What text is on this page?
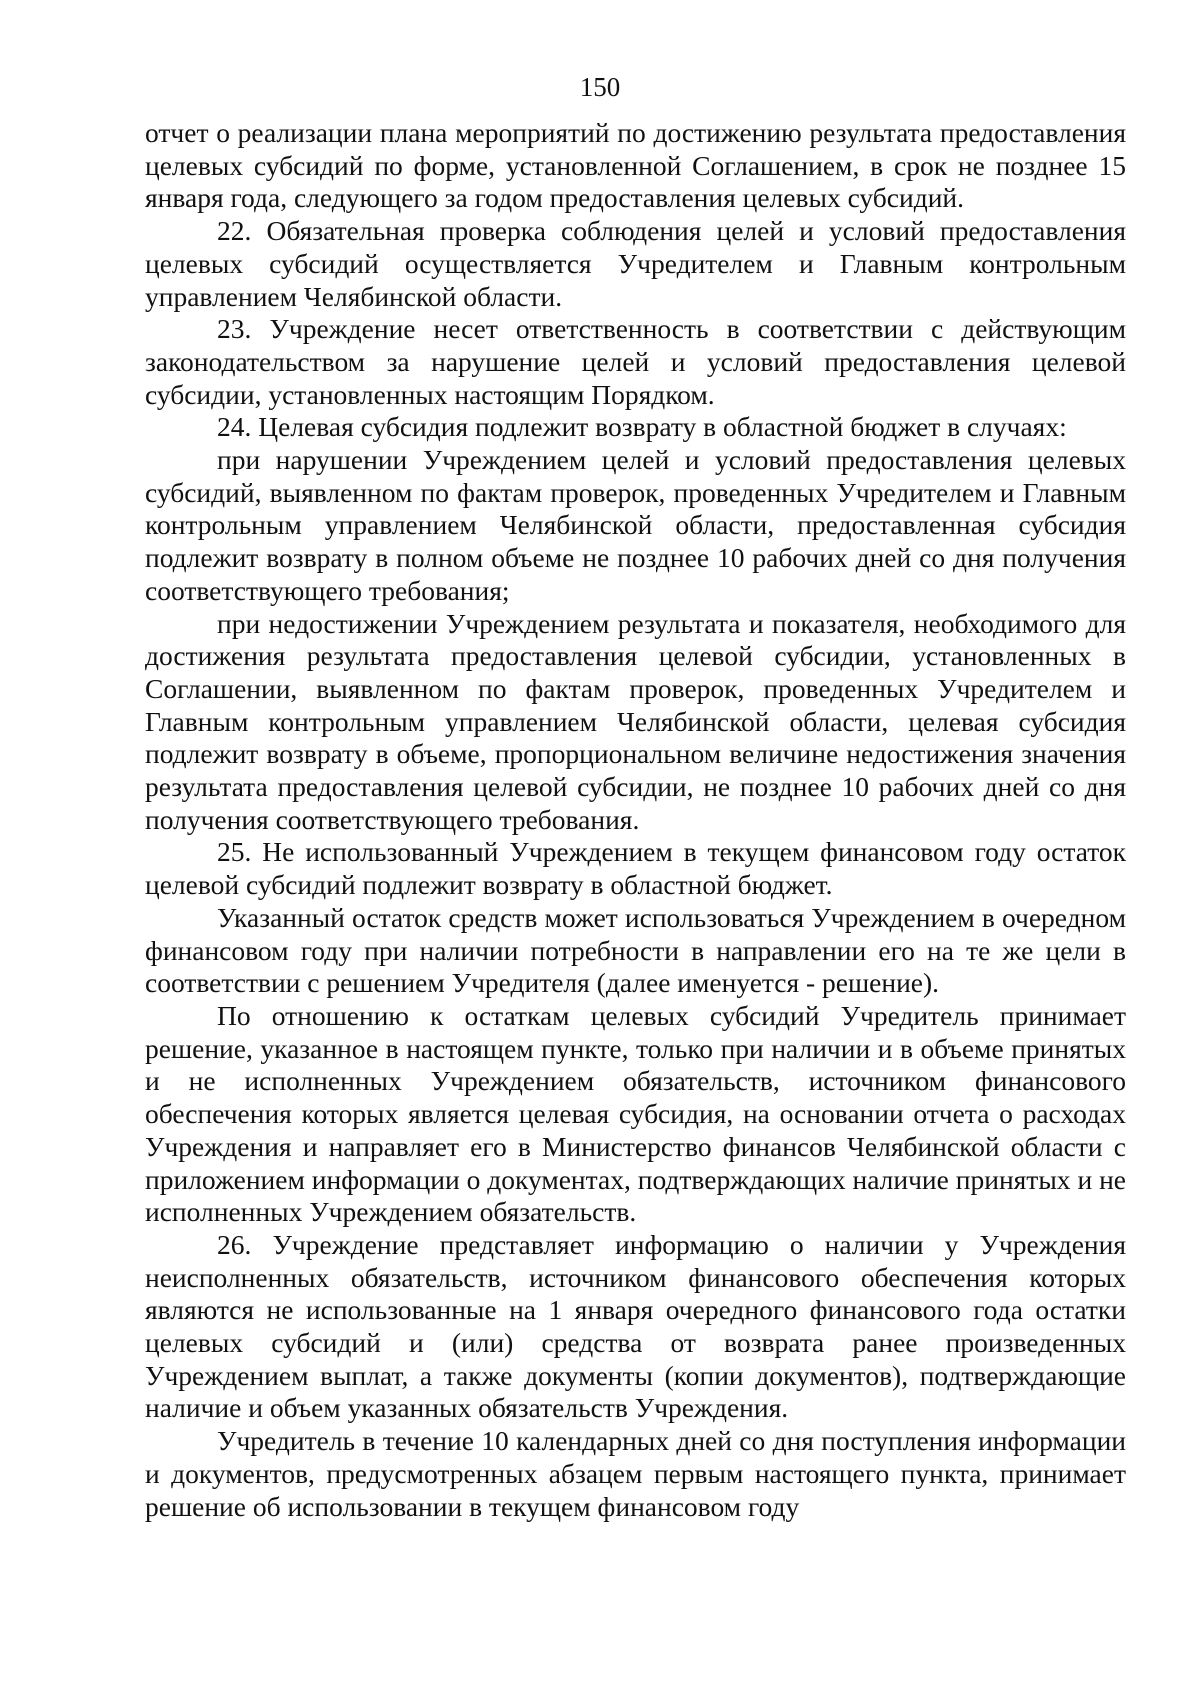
150

отчет о реализации плана мероприятий по достижению результата предоставления целевых субсидий по форме, установленной Соглашением, в срок не позднее 15 января года, следующего за годом предоставления целевых субсидий.

22. Обязательная проверка соблюдения целей и условий предоставления целевых субсидий осуществляется Учредителем и Главным контрольным управлением Челябинской области.

23. Учреждение несет ответственность в соответствии с действующим законодательством за нарушение целей и условий предоставления целевой субсидии, установленных настоящим Порядком.

24. Целевая субсидия подлежит возврату в областной бюджет в случаях:

при нарушении Учреждением целей и условий предоставления целевых субсидий, выявленном по фактам проверок, проведенных Учредителем и Главным контрольным управлением Челябинской области, предоставленная субсидия подлежит возврату в полном объеме не позднее 10 рабочих дней со дня получения соответствующего требования;

при недостижении Учреждением результата и показателя, необходимого для достижения результата предоставления целевой субсидии, установленных в Соглашении, выявленном по фактам проверок, проведенных Учредителем и Главным контрольным управлением Челябинской области, целевая субсидия подлежит возврату в объеме, пропорциональном величине недостижения значения результата предоставления целевой субсидии, не позднее 10 рабочих дней со дня получения соответствующего требования.

25. Не использованный Учреждением в текущем финансовом году остаток целевой субсидий подлежит возврату в областной бюджет.

Указанный остаток средств может использоваться Учреждением в очередном финансовом году при наличии потребности в направлении его на те же цели в соответствии с решением Учредителя (далее именуется - решение).

По отношению к остаткам целевых субсидий Учредитель принимает решение, указанное в настоящем пункте, только при наличии и в объеме принятых и не исполненных Учреждением обязательств, источником финансового обеспечения которых является целевая субсидия, на основании отчета о расходах Учреждения и направляет его в Министерство финансов Челябинской области с приложением информации о документах, подтверждающих наличие принятых и не исполненных Учреждением обязательств.

26. Учреждение представляет информацию о наличии у Учреждения неисполненных обязательств, источником финансового обеспечения которых являются не использованные на 1 января очередного финансового года остатки целевых субсидий и (или) средства от возврата ранее произведенных Учреждением выплат, а также документы (копии документов), подтверждающие наличие и объем указанных обязательств Учреждения.

Учредитель в течение 10 календарных дней со дня поступления информации и документов, предусмотренных абзацем первым настоящего пункта, принимает решение об использовании в текущем финансовом году
